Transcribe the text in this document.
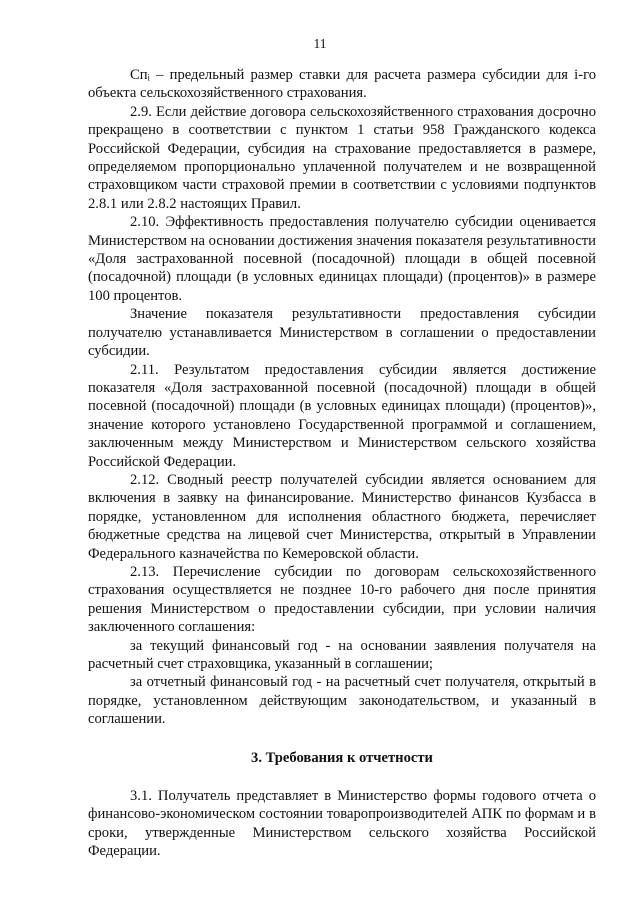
11

Спᵢ – предельный размер ставки для расчета размера субсидии для i-го объекта сельскохозяйственного страхования.

2.9. Если действие договора сельскохозяйственного страхования досрочно прекращено в соответствии с пунктом 1 статьи 958 Гражданского кодекса Российской Федерации, субсидия на страхование предоставляется в размере, определяемом пропорционально уплаченной получателем и не возвращенной страховщиком части страховой премии в соответствии с условиями подпунктов 2.8.1 или 2.8.2 настоящих Правил.

2.10. Эффективность предоставления получателю субсидии оценивается Министерством на основании достижения значения показателя результативности «Доля застрахованной посевной (посадочной) площади в общей посевной (посадочной) площади (в условных единицах площади) (процентов)» в размере 100 процентов.

Значение показателя результативности предоставления субсидии получателю устанавливается Министерством в соглашении о предоставлении субсидии.

2.11. Результатом предоставления субсидии является достижение показателя «Доля застрахованной посевной (посадочной) площади в общей посевной (посадочной) площади (в условных единицах площади) (процентов)», значение которого установлено Государственной программой и соглашением, заключенным между Министерством и Министерством сельского хозяйства Российской Федерации.

2.12. Сводный реестр получателей субсидии является основанием для включения в заявку на финансирование. Министерство финансов Кузбасса в порядке, установленном для исполнения областного бюджета, перечисляет бюджетные средства на лицевой счет Министерства, открытый в Управлении Федерального казначейства по Кемеровской области.

2.13. Перечисление субсидии по договорам сельскохозяйственного страхования осуществляется не позднее 10-го рабочего дня после принятия решения Министерством о предоставлении субсидии, при условии наличия заключенного соглашения:

за текущий финансовый год - на основании заявления получателя на расчетный счет страховщика, указанный в соглашении;

за отчетный финансовый год - на расчетный счет получателя, открытый в порядке, установленном действующим законодательством, и указанный в соглашении.

3. Требования к отчетности

3.1. Получатель представляет в Министерство формы годового отчета о финансово-экономическом состоянии товаропроизводителей АПК по формам и в сроки, утвержденные Министерством сельского хозяйства Российской Федерации.
